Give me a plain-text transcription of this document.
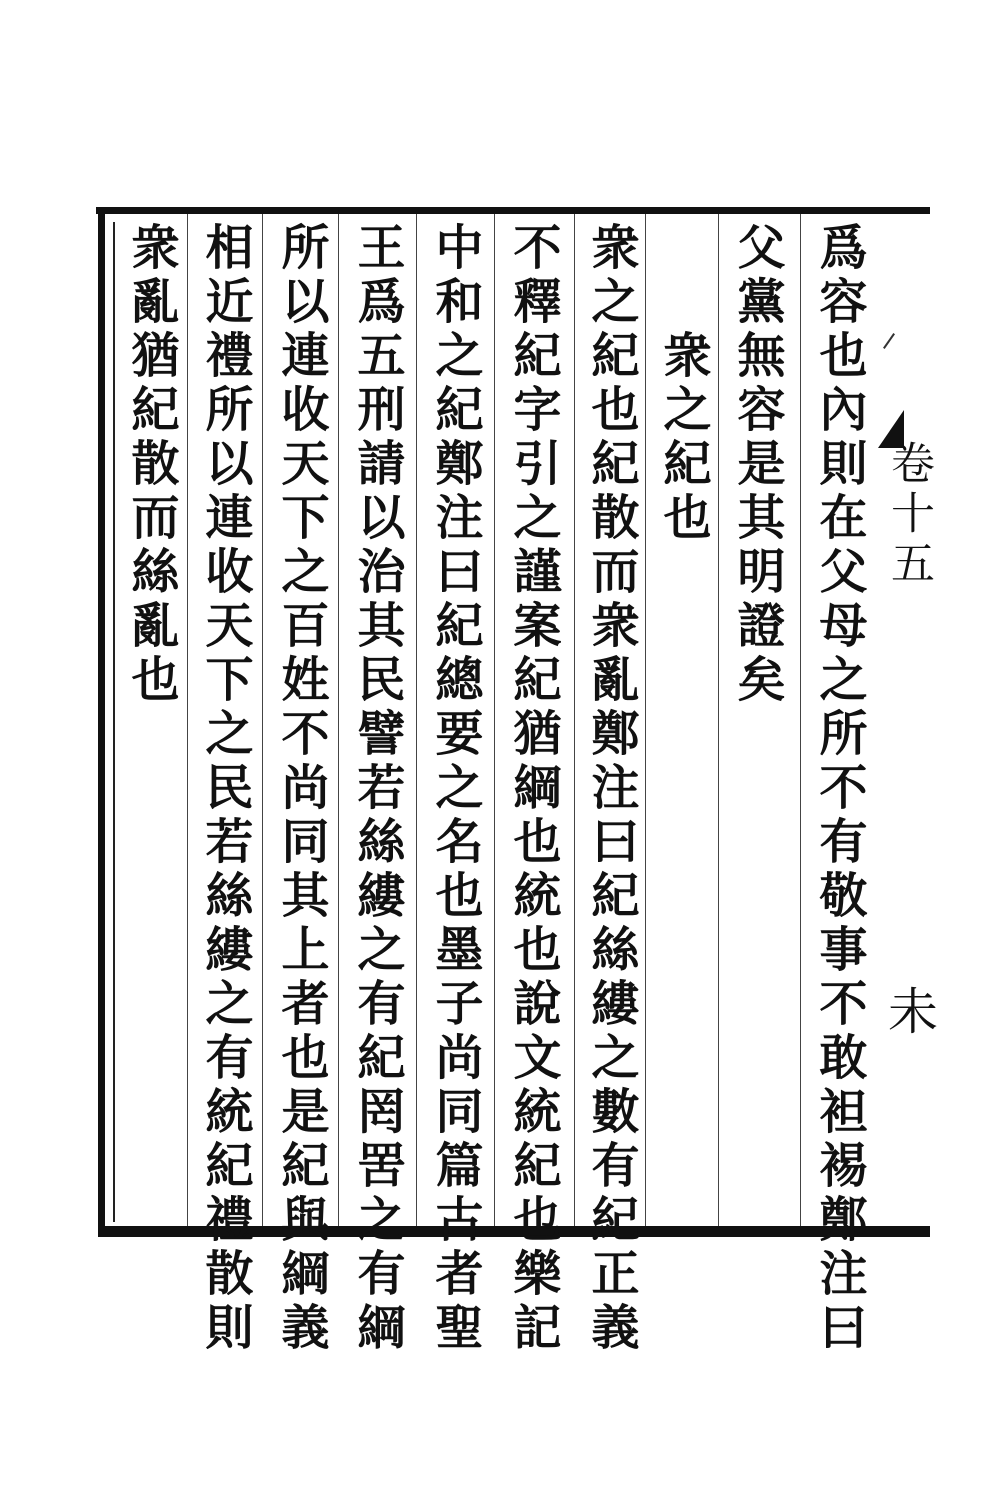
卷十五
未
爲容也內則在父母之所不有敬事不敢袒裼鄭注曰
父黨無容是其明證矣
衆之紀也
衆之紀也紀散而衆亂鄭注曰紀絲縷之數有紀正義
不釋紀字引之謹案紀猶綱也統也說文統紀也樂記
中和之紀鄭注曰紀總要之名也墨子尚同篇古者聖
王爲五刑請以治其民譬若絲縷之有紀罔罟之有綱
所以連收天下之百姓不尚同其上者也是紀與綱義
相近禮所以連收天下之民若絲縷之有統紀禮散則
衆亂猶紀散而絲亂也
